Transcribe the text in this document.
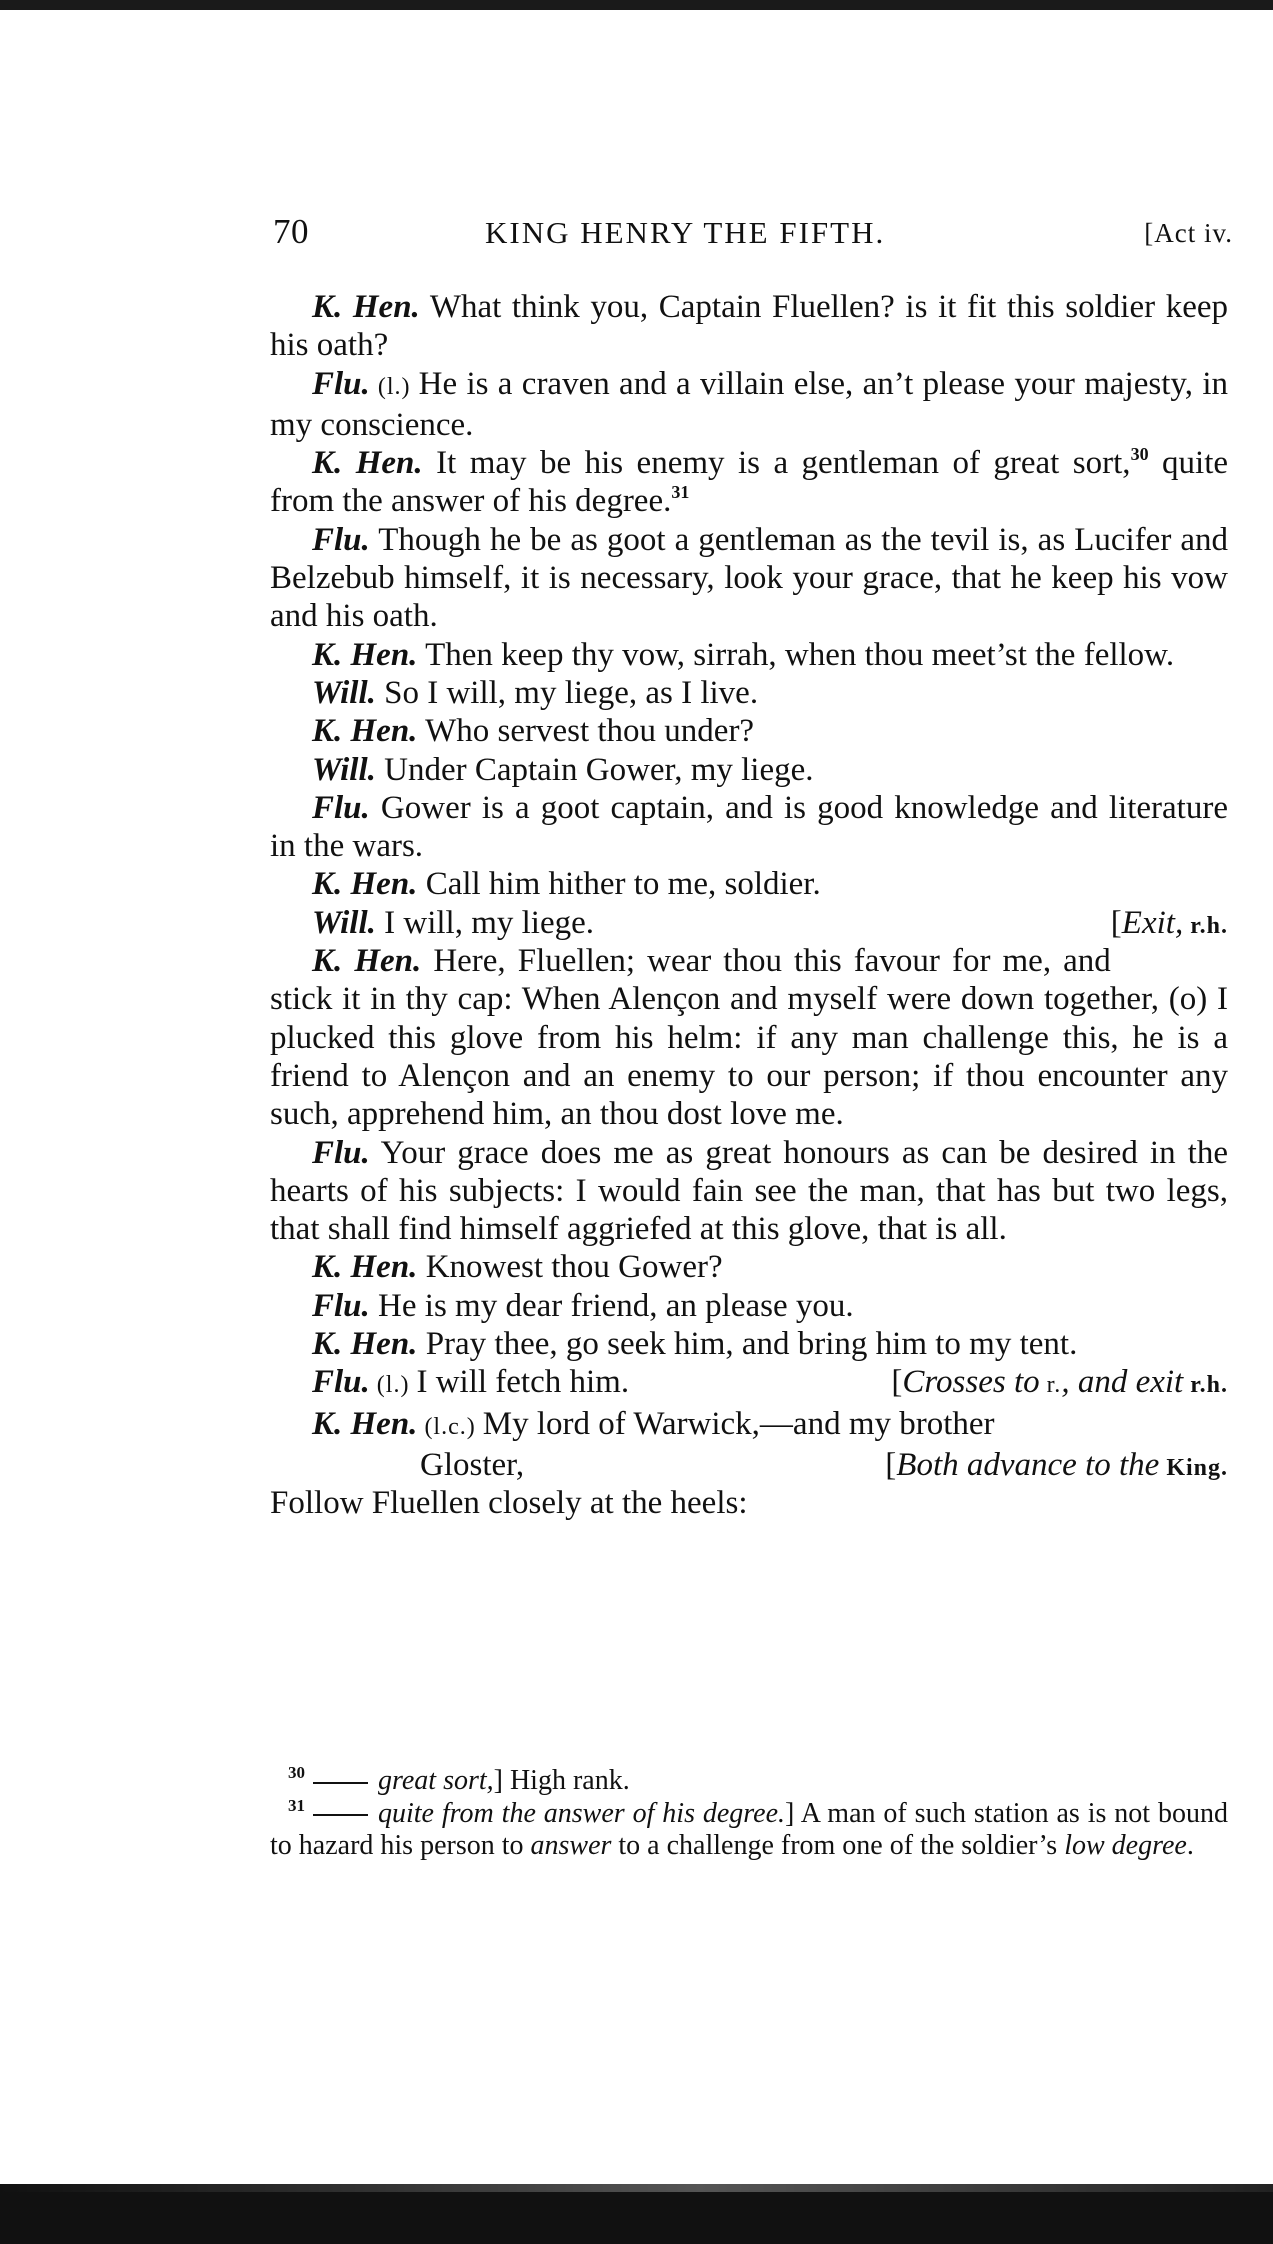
70	KING HENRY THE FIFTH.	[Act iv.

K. Hen. What think you, Captain Fluellen? is it fit this soldier keep his oath?

Flu. (l.) He is a craven and a villain else, an’t please your majesty, in my conscience.

K. Hen. It may be his enemy is a gentleman of great sort,$^{30}$ quite from the answer of his degree.$^{31}$

Flu. Though he be as goot a gentleman as the tevil is, as Lucifer and Belzebub himself, it is necessary, look your grace, that he keep his vow and his oath.

K. Hen. Then keep thy vow, sirrah, when thou meet’st the fellow.

Will. So I will, my liege, as I live.

K. Hen. Who servest thou under?

Will. Under Captain Gower, my liege.

Flu. Gower is a goot captain, and is good knowledge and literature in the wars.

K. Hen. Call him hither to me, soldier.

[Exit, r.h.
Will. I will, my liege.

K. Hen. Here, Fluellen; wear thou this favour for me, and stick it in thy cap: When Alençon and myself were down together, (o) I plucked this glove from his helm: if any man challenge this, he is a friend to Alençon and an enemy to our person; if thou encounter any such, apprehend him, an thou dost love me.

Flu. Your grace does me as great honours as can be desired in the hearts of his subjects: I would fain see the man, that has but two legs, that shall find himself aggriefed at this glove, that is all.

K. Hen. Knowest thou Gower?

Flu. He is my dear friend, an please you.

K. Hen. Pray thee, go seek him, and bring him to my tent.

[Crosses to r., and exit r.h.
Flu. (l.) I will fetch him.

K. Hen. (l.c.) My lord of Warwick,—and my brother

[Both advance to the King.
Gloster,

Follow Fluellen closely at the heels:

$^{30}$	great sort,] High rank.

$^{31}$	quite from the answer of his degree.] A man of such station as is not bound to hazard his person to answer to a challenge from one of the soldier’s low degree.
